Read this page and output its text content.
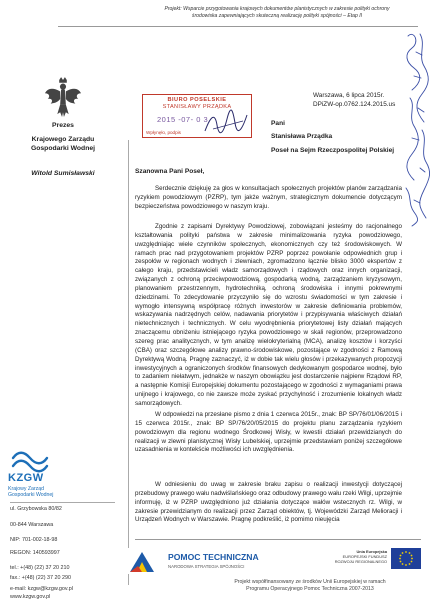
Projekt: Wsparcie przygotowania krajowych dokumentów planistycznych w zakresie polityki ochrony
środowiska zapewniających skuteczną realizację polityki spójności – Etap II
Prezes
Krajowego Zarządu
Gospodarki Wodnej
Witold Sumisławski
BIURO POSELSKIE
STANISŁAWY PRZĄDKA
2015 -07- 0 3
Wpłynęło, podpis
Warszawa, 6 lipca 2015r.
DPiZW-op.0762.124.2015.us
Pani
Stanisława Prządka
Poseł na Sejm Rzeczpospolitej Polskiej
Szanowna Pani Poseł,

Serdecznie dziękuję za głos w konsultacjach społecznych projektów planów zarządzania ryzykiem powodziowym (PZRP), tym jakże ważnym, strategicznym dokumencie dotyczącym bezpieczeństwa powodziowego w naszym kraju.

Zgodnie z zapisami Dyrektywy Powodziowej, zobowiązani jesteśmy do racjonalnego kształtowania polityki państwa w zakresie minimalizowania ryzyka powodziowego, uwzględniając wiele czynników społecznych, ekonomicznych czy też środowiskowych. W ramach prac nad przygotowaniem projektów PZRP poprzez powołanie odpowiednich grup i zespołów w regionach wodnych i zlewniach, zgromadzono łącznie blisko 3000 ekspertów z całego kraju, przedstawicieli władz samorządowych i rządowych oraz innych organizacji, związanych z ochroną przeciwpowodziową, gospodarką wodną, zarządzaniem kryzysowym, planowaniem przestrzennym, hydrotechniką, ochroną środowiska i innymi pokrewnymi dziedzinami. To zdecydowanie przyczyniło się do wzrostu świadomości w tym zakresie i wymogło intensywną współpracę różnych inwestorów w zakresie definiowania problemów, wskazywania nadrzędnych celów, nadawania priorytetów i przypisywania właściwych działań nietechnicznych i technicznych. W celu wyodrębnienia priorytetowej listy działań mających znaczącemu obniżeniu istniejącego ryzyka powodziowego w skali regionów, przeprowadzono szereg prac analitycznych, w tym analizę wielokryterialną (MCA), analizę kosztów i korzyści (CBA) oraz szczegółowe analizy prawno-środowiskowe, pozostające w zgodności z Ramową Dyrektywą Wodną. Pragnę zaznaczyć, iż w dobie tak wielu głosów i przekazywanych propozycji inwestycyjnych a ograniczonych środków finansowych dedykowanym gospodarce wodnej, było to zadaniem niełatwym, jednakże w naszym obowiązku jest dostarczenie najpierw Rządowi RP, a następnie Komisji Europejskiej dokumentu pozostającego w zgodności z wymaganiami prawa unijnego i krajowego, co nie zawsze może zyskać przychylność i zrozumienie lokalnych władz samorządowych.

W odpowiedzi na przesłane pismo z dnia 1 czerwca 2015r., znak: BP SP/76/01/06/2015 i 15 czerwca 2015r., znak: BP SP/76/20/05/2015 do projektu planu zarządzania ryzykiem powodziowym dla regionu wodnego Środkowej Wisły, w kwestii działań przewidzianych do realizacji w zlewni planistycznej Wisły Lubelskiej, uprzejmie przedstawiam poniżej szczegółowe uzasadnienia w kontekście możliwości ich uwzględnienia.

W odniesieniu do uwag w zakresie braku zapisu o realizacji inwestycji dotyczącej przebudowy prawego wału nadwiślańskiego oraz odbudowy prawego wału rzeki Wilgi, uprzejmie informuję, iż w PZRP uwzględniono już działania dotyczące wałów wstecznych rz. Wilgi, w zakresie przewidzianym do realizacji przez Zarząd obiektów, tj. Wojewódzki Zarząd Melioracji i Urządzeń Wodnych w Warszawie. Pragnę podkreślić, iż pomimo nieujęcia

KZGW
Krajowy Zarząd
Gospodarki Wodnej
ul. Grzybowska 80/82
00-844 Warszawa
NIP: 701-002-18-98
REGON: 140593997
tel.: +(48) (22) 37 20 210
fax.: +(48) (22) 37 20 290
e-mail: kzgw@kzgw.gov.pl
www.kzgw.gov.pl
POMOC TECHNICZNA
NARODOWA STRATEGIA SPÓJNOŚCI
Unia Europejska
EUROPEJSKI FUNDUSZ
ROZWOJU REGIONALNEGO
Projekt współfinansowany ze środków Unii Europejskiej w ramach
Programu Operacyjnego Pomoc Techniczna 2007-2013
